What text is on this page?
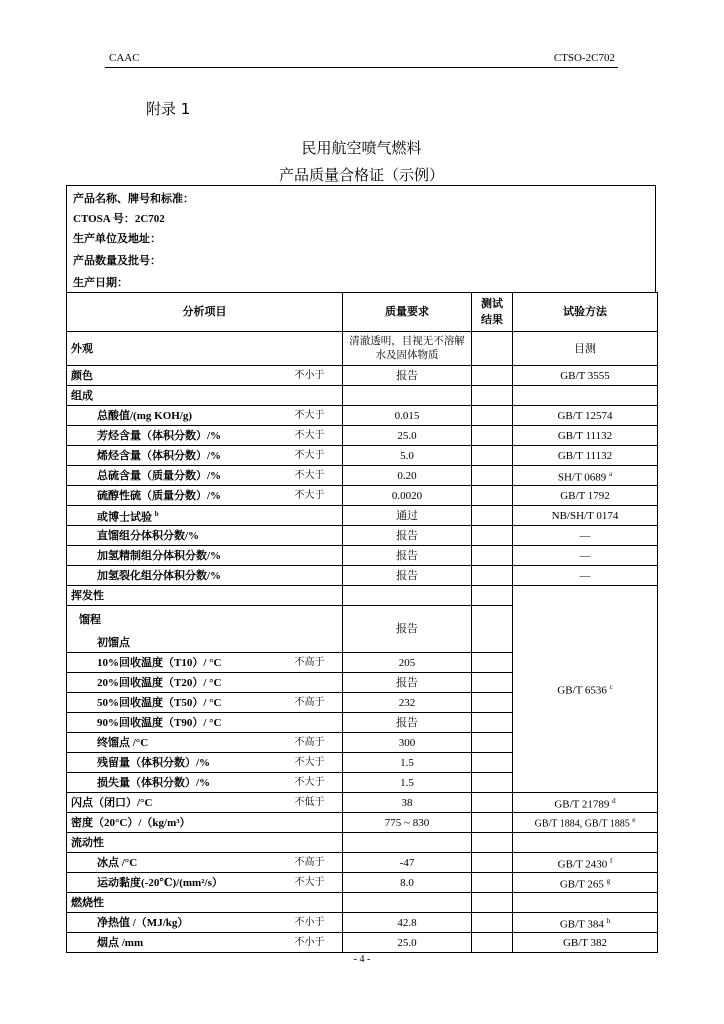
CAAC	CTSO-2C702
附录 1
民用航空喷气燃料
产品质量合格证（示例）
产品名称、牌号和标准：
CTOSA 号：2C702
生产单位及地址：
产品数量及批号：
生产日期：
分析项目		质量要求	测试结果	试验方法
外观		清澈透明，目视无不溶解水及固体物质		目测
颜色	不小于	报告		GB/T 3555
组成				
总酸值/(mg KOH/g)	不大于	0.015		GB/T 12574
芳烃含量（体积分数）/%	不大于	25.0		GB/T 11132
烯烃含量（体积分数）/%	不大于	5.0		GB/T 11132
总硫含量（质量分数）/%	不大于	0.20		SH/T 0689 $^a$
硫醇性硫（质量分数）/%	不大于	0.0020		GB/T 1792
或博士试验 $^b$		通过		NB/SH/T 0174
直馏组分体积分数/%		报告		—
加氢精制组分体积分数/%		报告		—
加氢裂化组分体积分数/%		报告		—
挥发性				GB/T 6536 $^c$
馏程		报告		
初馏点				
10%回收温度（T10）/ °C	不高于	205		
20%回收温度（T20）/ °C		报告		
50%回收温度（T50）/ °C	不高于	232		
90%回收温度（T90）/ °C		报告		
终馏点 /°C	不高于	300		
残留量（体积分数）/%	不大于	1.5		
损失量（体积分数）/%	不大于	1.5		
闪点（闭口）/°C	不低于	38		GB/T 21789 $^d$
密度（20°C）/（kg/m³）		775 ~ 830		GB/T 1884, GB/T 1885 $^e$
流动性				
冰点 /°C	不高于	-47		GB/T 2430 $^f$
运动黏度(-20℃)/(mm²/s）	不大于	8.0		GB/T 265 $^g$
燃烧性				
净热值 /（MJ/kg）	不小于	42.8		GB/T 384 $^h$
烟点 /mm	不小于	25.0		GB/T 382
- 4 -
